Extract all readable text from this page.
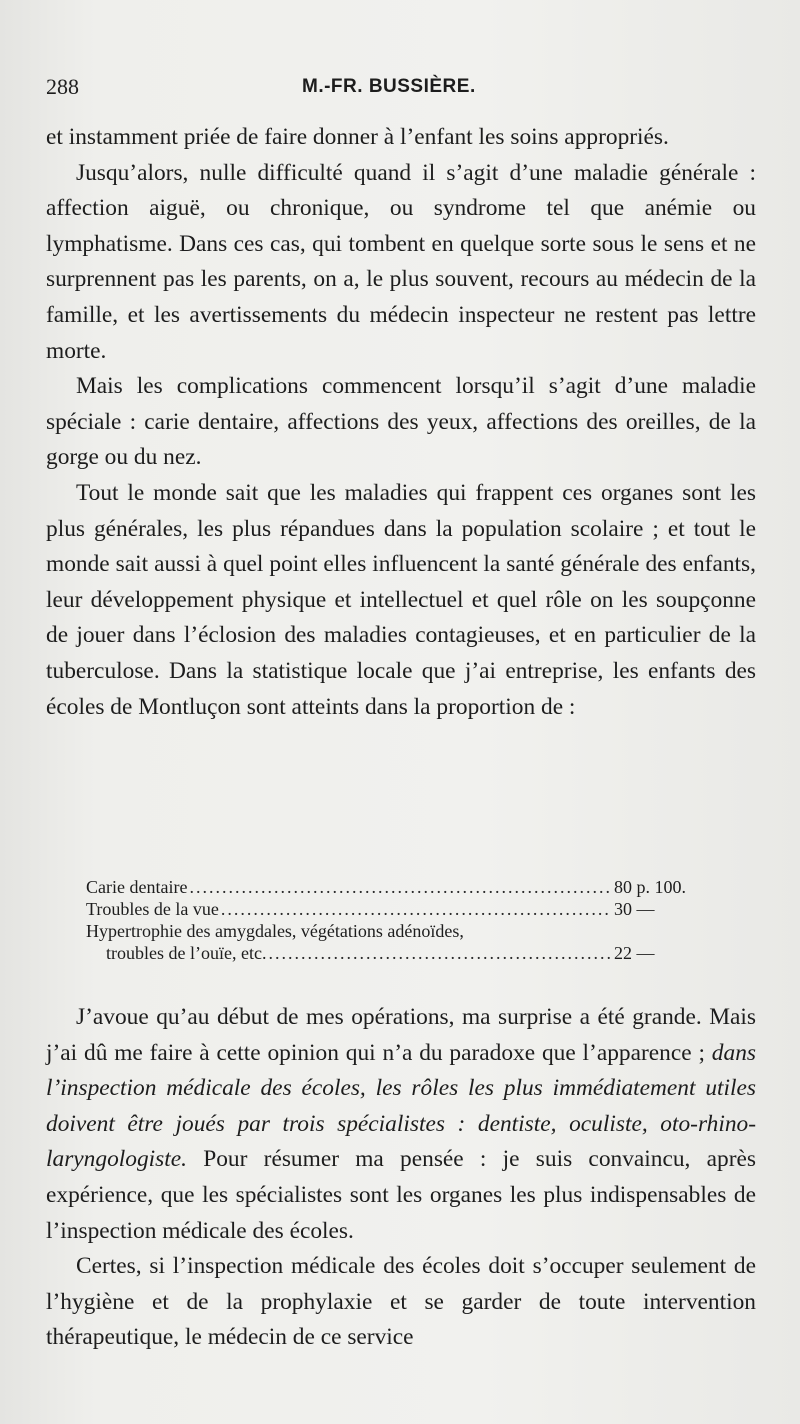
288	M.-FR. BUSSIÈRE.

et instamment priée de faire donner à l’enfant les soins appropriés.

Jusqu’alors, nulle difficulté quand il s’agit d’une maladie générale : affection aiguë, ou chronique, ou syndrome tel que anémie ou lymphatisme. Dans ces cas, qui tombent en quelque sorte sous le sens et ne surprennent pas les parents, on a, le plus souvent, recours au médecin de la famille, et les avertissements du médecin inspecteur ne restent pas lettre morte.

Mais les complications commencent lorsqu’il s’agit d’une maladie spéciale : carie dentaire, affections des yeux, affections des oreilles, de la gorge ou du nez.

Tout le monde sait que les maladies qui frappent ces organes sont les plus générales, les plus répandues dans la population scolaire ; et tout le monde sait aussi à quel point elles influencent la santé générale des enfants, leur développement physique et intellectuel et quel rôle on les soupçonne de jouer dans l’éclosion des maladies contagieuses, et en particulier de la tuberculose. Dans la statistique locale que j’ai entreprise, les enfants des écoles de Montluçon sont atteints dans la proportion de :

Carie dentaire .....	80 p. 100.
Troubles de la vue .....	30 —
Hypertrophie des amygdales, végétations adénoïdes,
troubles de l’ouïe, etc. .....	22 —

J’avoue qu’au début de mes opérations, ma surprise a été grande. Mais j’ai dû me faire à cette opinion qui n’a du paradoxe que l’apparence ; dans l’inspection médicale des écoles, les rôles les plus immédiatement utiles doivent être joués par trois spécialistes : dentiste, oculiste, oto-rhino-laryngologiste. Pour résumer ma pensée : je suis convaincu, après expérience, que les spécialistes sont les organes les plus indispensables de l’inspection médicale des écoles.

Certes, si l’inspection médicale des écoles doit s’occuper seulement de l’hygiène et de la prophylaxie et se garder de toute intervention thérapeutique, le médecin de ce service
